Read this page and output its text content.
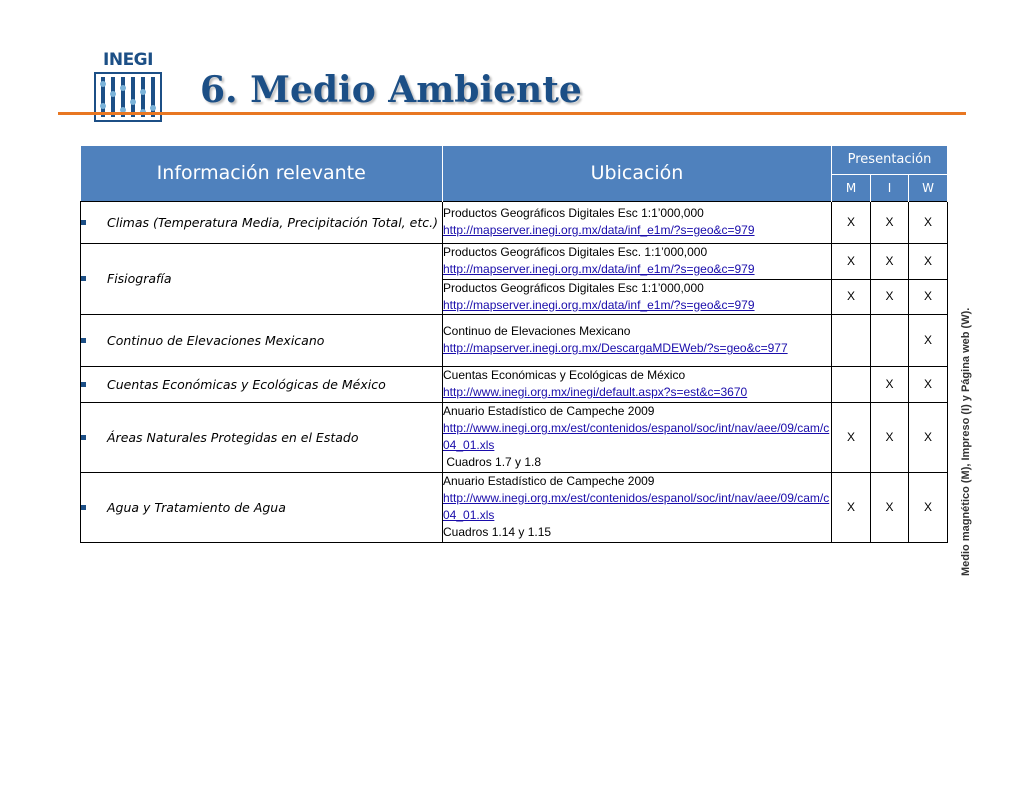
INEGI
6. Medio Ambiente
Información relevante	Ubicación	Presentación		
		M	I	W

Climas (Temperatura Media, Precipitación Total, etc.)	Productos Geográficos Digitales Esc 1:1’000,000
http://mapserver.inegi.org.mx/data/inf_e1m/?s=geo&c=979	X	X	X

Fisiografía	Productos Geográficos Digitales Esc. 1:1’000,000
http://mapserver.inegi.org.mx/data/inf_e1m/?s=geo&c=979	X	X	X

	Productos Geográficos Digitales Esc 1:1’000,000
http://mapserver.inegi.org.mx/data/inf_e1m/?s=geo&c=979	X	X	X

Continuo de Elevaciones Mexicano	Continuo de Elevaciones Mexicano
http://mapserver.inegi.org.mx/DescargaMDEWeb/?s=geo&c=977			X

Cuentas Económicas y Ecológicas de México	Cuentas Económicas y Ecológicas de México
http://www.inegi.org.mx/inegi/default.aspx?s=est&c=3670		X	X

Áreas Naturales Protegidas en el Estado	Anuario Estadístico de Campeche 2009
http://www.inegi.org.mx/est/contenidos/espanol/soc/int/nav/aee/09/cam/c04_01.xls
Cuadros 1.7 y 1.8	X	X	X

Agua y Tratamiento de Agua	Anuario Estadístico de Campeche 2009
http://www.inegi.org.mx/est/contenidos/espanol/soc/int/nav/aee/09/cam/c04_01.xls
Cuadros 1.14 y 1.15	X	X	X	Medio magnético (M), Impreso (I) y Página web (W).
